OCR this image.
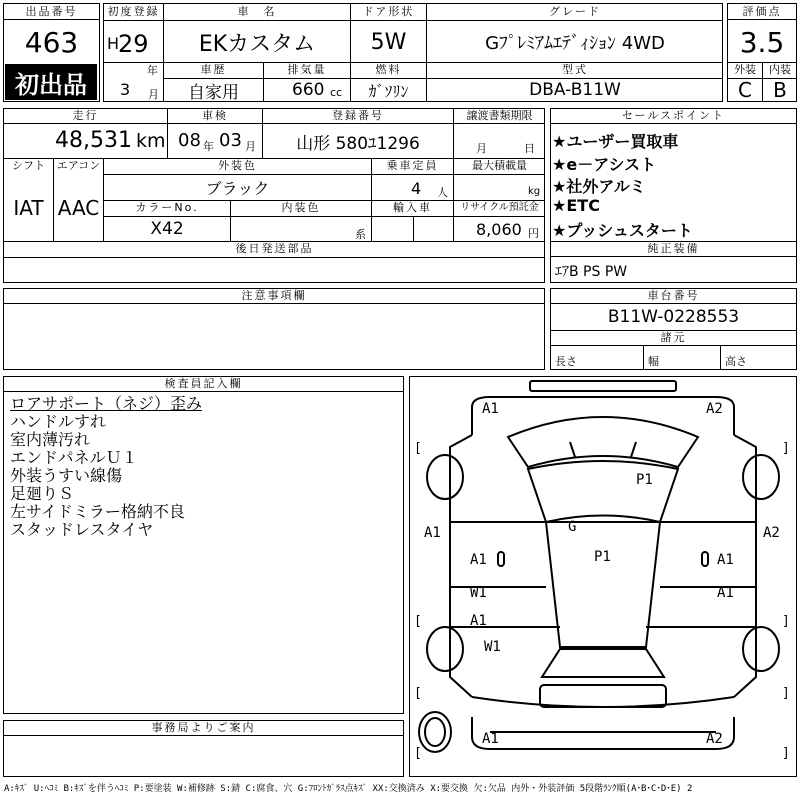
出品番号
463
初出品
初度登録
H
29
年
3 月
車　名
EKカスタム
ドア形状
5W
グレード
Gﾌﾟﾚﾐｱﾑｴﾃﾞｨｼｮﾝ 4WD
車歴
自家用
排気量
660 cc
燃料
ｶﾞｿﾘﾝ
型式
DBA-B11W
評価点
3.5
外装	内装
C	B
走行
48,531 km
車検
08 年 03 月
登録番号
山形 580ﾕ1296
譲渡書類期限
月	日
シフト
IAT
エアコン
AAC
外装色
ブラック
乗車定員
4 人
最大積載量
kg
カラーNo.
X42
内装色
系
輸入車	リサイクル預託金
8,060 円
後日発送部品
セールスポイント
★ユーザー買取車
★e－アシスト
★社外アルミ
★ETC
★プッシュスタート
純正装備
ｴｱB PS PW
注意事項欄	車台番号
B11W-0228553
諸元
長さ	幅	高さ
検査員記入欄
ロアサポート（ネジ）歪み
ハンドルすれ
室内薄汚れ
エンドパネルＵ１
外装うすい線傷
足廻りＳ
左サイドミラー格納不良
スタッドレスタイヤ
事務局よりご案内
[	]
[	]
[	]
[	]
A1	A2
P1
A1	A2
G
A1	A1
P1
W1	A1
A1
W1
A1	A2
A:ｷｽﾞ U:ﾍｺﾐ B:ｷｽﾞを伴うﾍｺﾐ P:要塗装 W:補修跡 S:錆 C:腐食、穴 G:ﾌﾛﾝﾄｶﾞﾗｽ点ｷｽﾞ XX:交換済み X:要交換 欠:欠品 内外・外装評価 5段階ﾗﾝｸ順(A･B･C･D･E) 2
